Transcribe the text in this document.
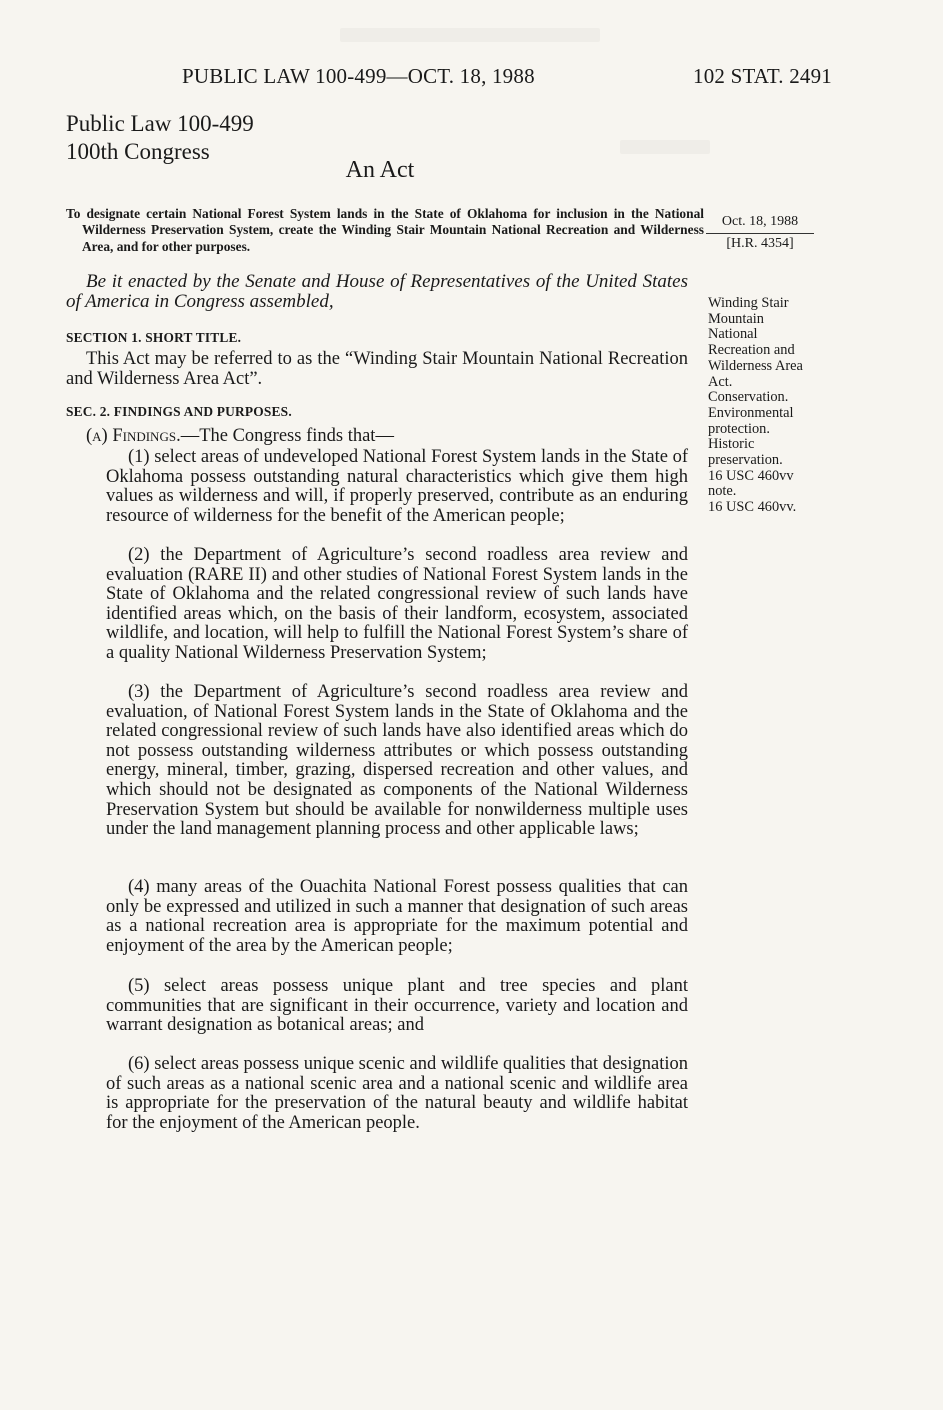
PUBLIC LAW 100-499—OCT. 18, 1988	102 STAT. 2491
Public Law 100-499
100th Congress
An Act
To designate certain National Forest System lands in the State of Oklahoma for inclusion in the National Wilderness Preservation System, create the Winding Stair Mountain National Recreation and Wilderness Area, and for other purposes.
Oct. 18, 1988
[H.R. 4354]
Be it enacted by the Senate and House of Representatives of the United States of America in Congress assembled,
SECTION 1. SHORT TITLE.
This Act may be referred to as the “Winding Stair Mountain National Recreation and Wilderness Area Act”.
SEC. 2. FINDINGS AND PURPOSES.
(a) Findings.—The Congress finds that—
(1) select areas of undeveloped National Forest System lands in the State of Oklahoma possess outstanding natural characteristics which give them high values as wilderness and will, if properly preserved, contribute as an enduring resource of wilderness for the benefit of the American people;
(2) the Department of Agriculture’s second roadless area review and evaluation (RARE II) and other studies of National Forest System lands in the State of Oklahoma and the related congressional review of such lands have identified areas which, on the basis of their landform, ecosystem, associated wildlife, and location, will help to fulfill the National Forest System’s share of a quality National Wilderness Preservation System;
(3) the Department of Agriculture’s second roadless area review and evaluation, of National Forest System lands in the State of Oklahoma and the related congressional review of such lands have also identified areas which do not possess outstanding wilderness attributes or which possess outstanding energy, mineral, timber, grazing, dispersed recreation and other values, and which should not be designated as components of the National Wilderness Preservation System but should be available for nonwilderness multiple uses under the land management planning process and other applicable laws;
(4) many areas of the Ouachita National Forest possess qualities that can only be expressed and utilized in such a manner that designation of such areas as a national recreation area is appropriate for the maximum potential and enjoyment of the area by the American people;
(5) select areas possess unique plant and tree species and plant communities that are significant in their occurrence, variety and location and warrant designation as botanical areas; and
(6) select areas possess unique scenic and wildlife qualities that designation of such areas as a national scenic area and a national scenic and wildlife area is appropriate for the preservation of the natural beauty and wildlife habitat for the enjoyment of the American people.
Winding Stair
Mountain
National
Recreation and
Wilderness Area
Act.
Conservation.
Environmental
protection.
Historic
preservation.
16 USC 460vv
note.
16 USC 460vv.
